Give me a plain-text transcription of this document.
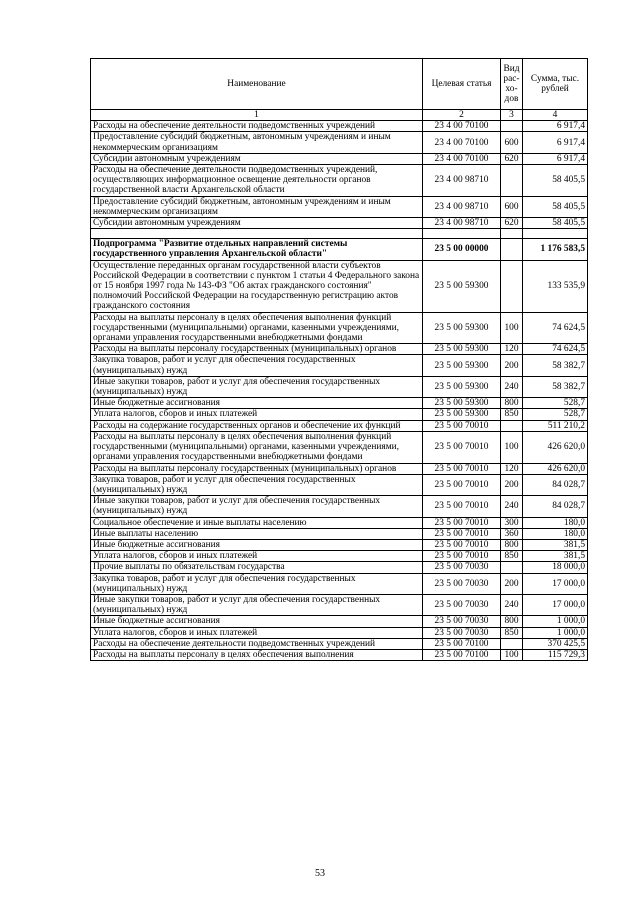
Наименование	Целевая статья	Вид рас-хо-дов	Сумма, тыс. рублей
1	2	3	4
Расходы на обеспечение деятельности подведомственных учреждений	23 4 00 70100		6 917,4
Предоставление субсидий бюджетным, автономным учреждениям и иным некоммерческим организациям	23 4 00 70100	600	6 917,4
Субсидии автономным учреждениям	23 4 00 70100	620	6 917,4
Расходы на обеспечение деятельности подведомственных учреждений, осуществляющих информационное освещение деятельности органов государственной власти Архангельской области	23 4 00 98710		58 405,5
Предоставление субсидий бюджетным, автономным учреждениям и иным некоммерческим организациям	23 4 00 98710	600	58 405,5
Субсидии автономным учреждениям	23 4 00 98710	620	58 405,5

Подпрограмма "Развитие отдельных направлений системы государственного управления Архангельской области"	23 5 00 00000		1 176 583,5
Осуществление переданных органам государственной власти субъектов Российской Федерации в соответствии с пунктом 1 статьи 4 Федерального закона от 15 ноября 1997 года № 143-ФЗ "Об актах гражданского состояния" полномочий Российской Федерации на государственную регистрацию актов гражданского состояния	23 5 00 59300		133 535,9
Расходы на выплаты персоналу в целях обеспечения выполнения функций государственными (муниципальными) органами, казенными учреждениями, органами управления государственными внебюджетными фондами	23 5 00 59300	100	74 624,5
Расходы на выплаты персоналу государственных (муниципальных) органов	23 5 00 59300	120	74 624,5
Закупка товаров, работ и услуг для обеспечения государственных (муниципальных) нужд	23 5 00 59300	200	58 382,7
Иные закупки товаров, работ и услуг для обеспечения государственных (муниципальных) нужд	23 5 00 59300	240	58 382,7
Иные бюджетные ассигнования	23 5 00 59300	800	528,7
Уплата налогов, сборов и иных платежей	23 5 00 59300	850	528,7
Расходы на содержание государственных органов и обеспечение их функций	23 5 00 70010		511 210,2
Расходы на выплаты персоналу в целях обеспечения выполнения функций государственными (муниципальными) органами, казенными учреждениями, органами управления государственными внебюджетными фондами	23 5 00 70010	100	426 620,0
Расходы на выплаты персоналу государственных (муниципальных) органов	23 5 00 70010	120	426 620,0
Закупка товаров, работ и услуг для обеспечения государственных (муниципальных) нужд	23 5 00 70010	200	84 028,7
Иные закупки товаров, работ и услуг для обеспечения государственных (муниципальных) нужд	23 5 00 70010	240	84 028,7
Социальное обеспечение и иные выплаты населению	23 5 00 70010	300	180,0
Иные выплаты населению	23 5 00 70010	360	180,0
Иные бюджетные ассигнования	23 5 00 70010	800	381,5
Уплата налогов, сборов и иных платежей	23 5 00 70010	850	381,5
Прочие выплаты по обязательствам государства	23 5 00 70030		18 000,0
Закупка товаров, работ и услуг для обеспечения государственных (муниципальных) нужд	23 5 00 70030	200	17 000,0
Иные закупки товаров, работ и услуг для обеспечения государственных (муниципальных) нужд	23 5 00 70030	240	17 000,0
Иные бюджетные ассигнования	23 5 00 70030	800	1 000,0
Уплата налогов, сборов и иных платежей	23 5 00 70030	850	1 000,0
Расходы на обеспечение деятельности подведомственных учреждений	23 5 00 70100		370 425,5
Расходы на выплаты персоналу в целях обеспечения выполнения	23 5 00 70100	100	115 729,3
53
